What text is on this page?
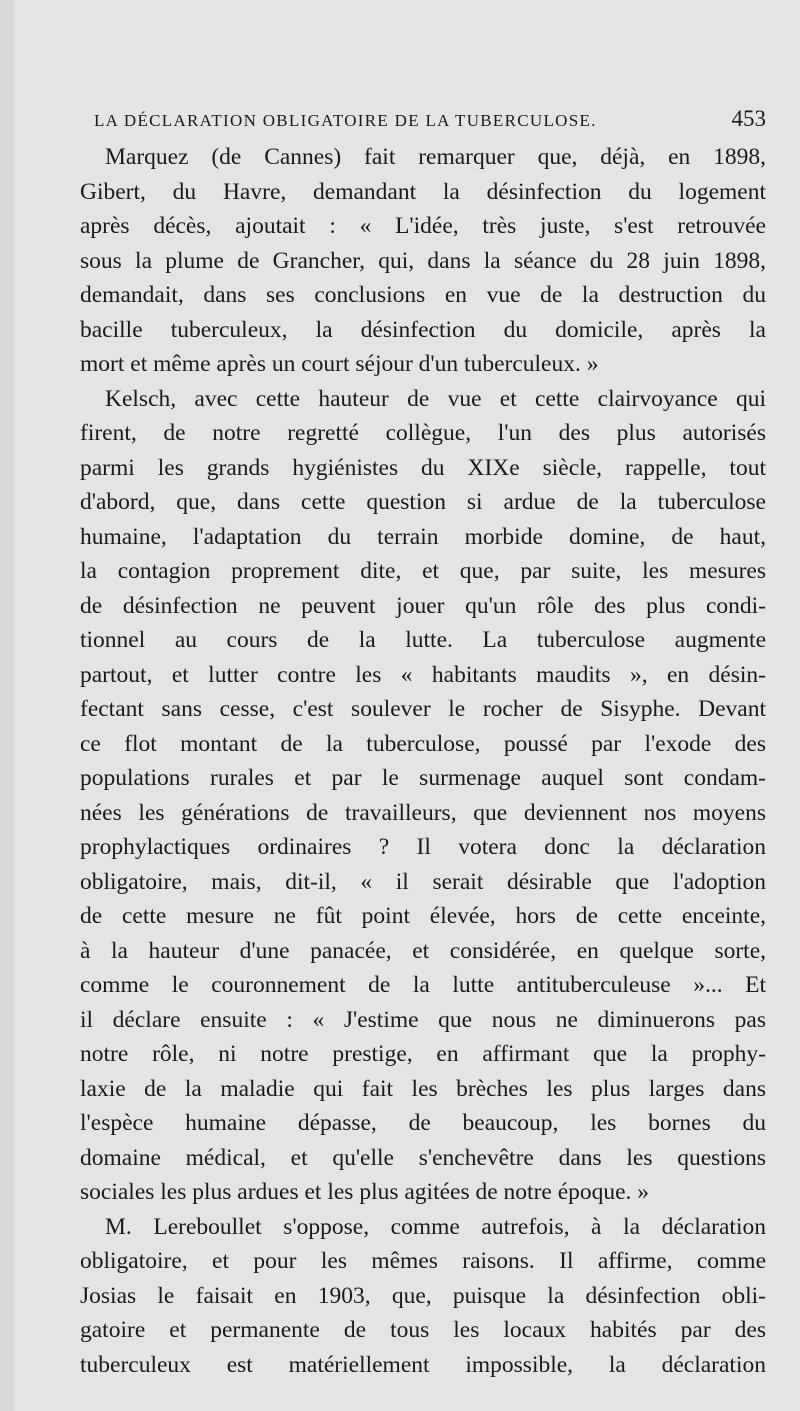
LA DÉCLARATION OBLIGATOIRE DE LA TUBERCULOSE.	453
Marquez (de Cannes) fait remarquer que, déjà, en 1898,
Gibert, du Havre, demandant la désinfection du logement
après décès, ajoutait : « L'idée, très juste, s'est retrouvée
sous la plume de Grancher, qui, dans la séance du 28 juin 1898,
demandait, dans ses conclusions en vue de la destruction du
bacille tuberculeux, la désinfection du domicile, après la
mort et même après un court séjour d'un tuberculeux. »
Kelsch, avec cette hauteur de vue et cette clairvoyance qui
firent, de notre regretté collègue, l'un des plus autorisés
parmi les grands hygiénistes du XIXe siècle, rappelle, tout
d'abord, que, dans cette question si ardue de la tuberculose
humaine, l'adaptation du terrain morbide domine, de haut,
la contagion proprement dite, et que, par suite, les mesures
de désinfection ne peuvent jouer qu'un rôle des plus condi-
tionnel au cours de la lutte. La tuberculose augmente
partout, et lutter contre les « habitants maudits », en désin-
fectant sans cesse, c'est soulever le rocher de Sisyphe. Devant
ce flot montant de la tuberculose, poussé par l'exode des
populations rurales et par le surmenage auquel sont condam-
nées les générations de travailleurs, que deviennent nos moyens
prophylactiques ordinaires ? Il votera donc la déclaration
obligatoire, mais, dit-il, « il serait désirable que l'adoption
de cette mesure ne fût point élevée, hors de cette enceinte,
à la hauteur d'une panacée, et considérée, en quelque sorte,
comme le couronnement de la lutte antituberculeuse »... Et
il déclare ensuite : « J'estime que nous ne diminuerons pas
notre rôle, ni notre prestige, en affirmant que la prophy-
laxie de la maladie qui fait les brèches les plus larges dans
l'espèce humaine dépasse, de beaucoup, les bornes du
domaine médical, et qu'elle s'enchevêtre dans les questions
sociales les plus ardues et les plus agitées de notre époque. »
M. Lereboullet s'oppose, comme autrefois, à la déclaration
obligatoire, et pour les mêmes raisons. Il affirme, comme
Josias le faisait en 1903, que, puisque la désinfection obli-
gatoire et permanente de tous les locaux habités par des
tuberculeux est matériellement impossible, la déclaration
